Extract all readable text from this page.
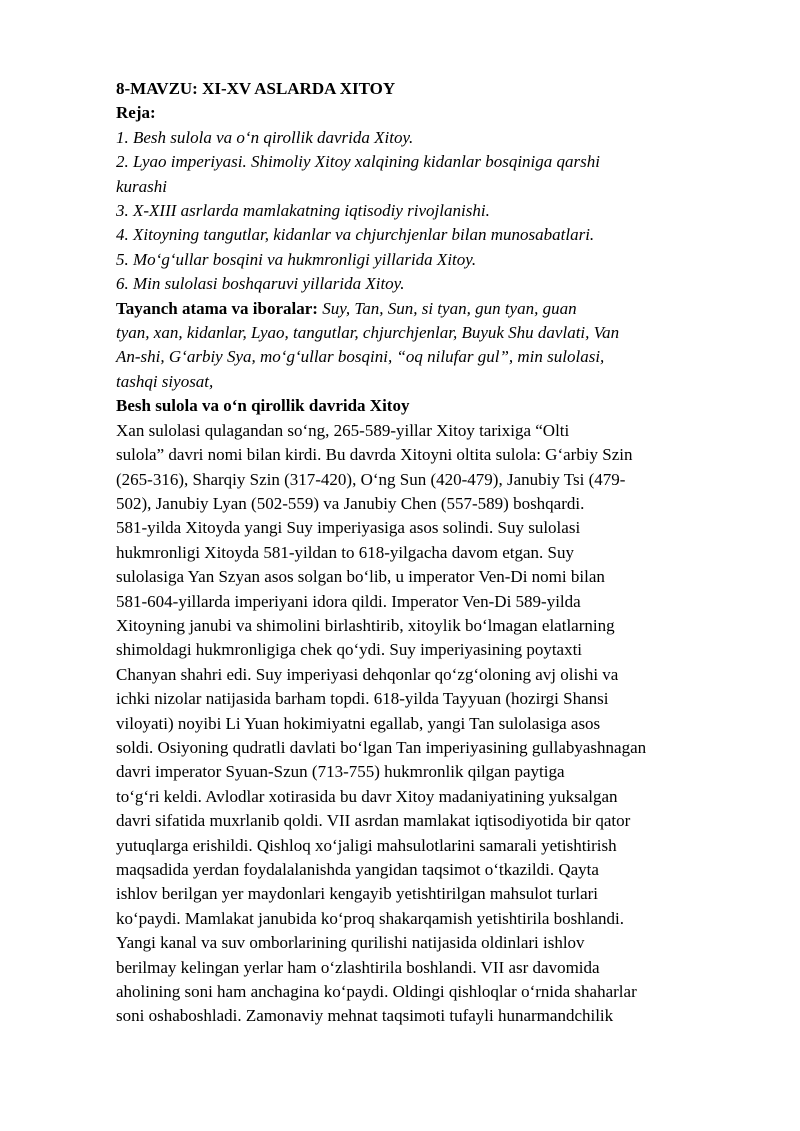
8-MAVZU: XI-XV ASLARDA XITOY
Reja:
1. Besh sulola va o‘n qirollik davrida Xitoy.
2. Lyao imperiyasi. Shimoliy Xitoy xalqining kidanlar bosqiniga qarshi
kurashi
3. X-XIII asrlarda mamlakatning iqtisodiy rivojlanishi.
4. Xitoyning tangutlar, kidanlar va chjurchjenlar bilan munosabatlari.
5. Mo‘g‘ullar bosqini va hukmronligi yillarida Xitoy.
6. Min sulolasi boshqaruvi yillarida Xitoy.
Tayanch atama va iboralar: Suy, Tan, Sun, si tyan, gun tyan, guan
tyan, xan, kidanlar, Lyao, tangutlar, chjurchjenlar, Buyuk Shu davlati, Van
An-shi, G‘arbiy Sya, mo‘g‘ullar bosqini, “oq nilufar gul”, min sulolasi,
tashqi siyosat,
Besh sulola va o‘n qirollik davrida Xitoy
Xan sulolasi qulagandan so‘ng, 265-589-yillar Xitoy tarixiga “Olti
sulola” davri nomi bilan kirdi. Bu davrda Xitoyni oltita sulola: G‘arbiy Szin
(265-316), Sharqiy Szin (317-420), O‘ng Sun (420-479), Janubiy Tsi (479-
502), Janubiy Lyan (502-559) va Janubiy Chen (557-589) boshqardi.
581-yilda Xitoyda yangi Suy imperiyasiga asos solindi. Suy sulolasi
hukmronligi Xitoyda 581-yildan to 618-yilgacha davom etgan. Suy
sulolasiga Yan Szyan asos solgan bo‘lib, u imperator Ven-Di nomi bilan
581-604-yillarda imperiyani idora qildi. Imperator Ven-Di 589-yilda
Xitoyning janubi va shimolini birlashtirib, xitoylik bo‘lmagan elatlarning
shimoldagi hukmronligiga chek qo‘ydi. Suy imperiyasining poytaxti
Chanyan shahri edi. Suy imperiyasi dehqonlar qo‘zg‘oloning avj olishi va
ichki nizolar natijasida barham topdi. 618-yilda Tayyuan (hozirgi Shansi
viloyati) noyibi Li Yuan hokimiyatni egallab, yangi Tan sulolasiga asos
soldi. Osiyoning qudratli davlati bo‘lgan Tan imperiyasining gullabyashnagan
davri imperator Syuan-Szun (713-755) hukmronlik qilgan paytiga
to‘g‘ri keldi. Avlodlar xotirasida bu davr Xitoy madaniyatining yuksalgan
davri sifatida muxrlanib qoldi. VII asrdan mamlakat iqtisodiyotida bir qator
yutuqlarga erishildi. Qishloq xo‘jaligi mahsulotlarini samarali yetishtirish
maqsadida yerdan foydalalanishda yangidan taqsimot o‘tkazildi. Qayta
ishlov berilgan yer maydonlari kengayib yetishtirilgan mahsulot turlari
ko‘paydi. Mamlakat janubida ko‘proq shakarqamish yetishtirila boshlandi.
Yangi kanal va suv omborlarining qurilishi natijasida oldinlari ishlov
berilmay kelingan yerlar ham o‘zlashtirila boshlandi. VII asr davomida
aholining soni ham anchagina ko‘paydi. Oldingi qishloqlar o‘rnida shaharlar
soni oshaboshladi. Zamonaviy mehnat taqsimoti tufayli hunarmandchilik
